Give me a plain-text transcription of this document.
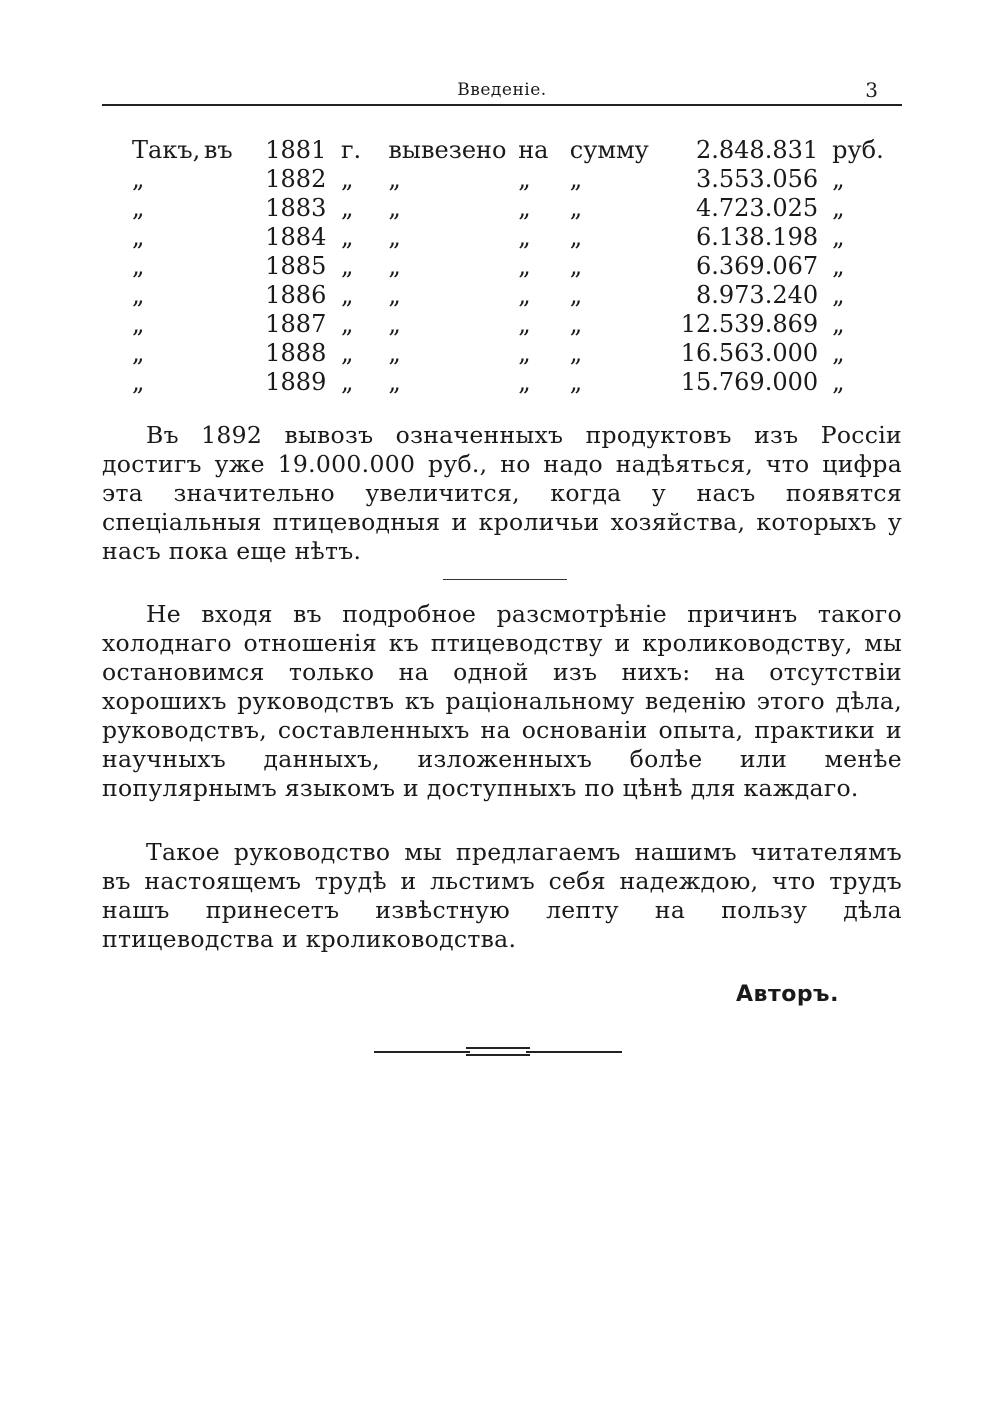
Введеніе.	3
Такъ,	въ	1881	г.	вывезено	на	сумму	2.848.831	руб.
„		1882	„	„	„	„	3.553.056	„
„		1883	„	„	„	„	4.723.025	„
„		1884	„	„	„	„	6.138.198	„
„		1885	„	„	„	„	6.369.067	„
„		1886	„	„	„	„	8.973.240	„
„		1887	„	„	„	„	12.539.869	„
„		1888	„	„	„	„	16.563.000	„
„		1889	„	„	„	„	15.769.000	„

Въ 1892 вывозъ означенныхъ продуктовъ изъ Россіи достигъ уже 19.000.000 руб., но надо надѣяться, что цифра эта значительно увеличится, когда у насъ появятся спеціальныя птицеводныя и кроличьи хозяйства, которыхъ у насъ пока еще нѣтъ.

Не входя въ подробное разсмотрѣніе причинъ такого холоднаго отношенія къ птицеводству и кролиководству, мы остановимся только на одной изъ нихъ: на отсутствіи хорошихъ руководствъ къ раціональному веденію этого дѣла, руководствъ, составленныхъ на основаніи опыта, практики и научныхъ данныхъ, изложенныхъ болѣе или менѣе популярнымъ языкомъ и доступныхъ по цѣнѣ для каждаго.

Такое руководство мы предлагаемъ нашимъ читателямъ въ настоящемъ трудѣ и льстимъ себя надеждою, что трудъ нашъ принесетъ извѣстную лепту на пользу дѣла птицеводства и кролиководства.

Авторъ.
